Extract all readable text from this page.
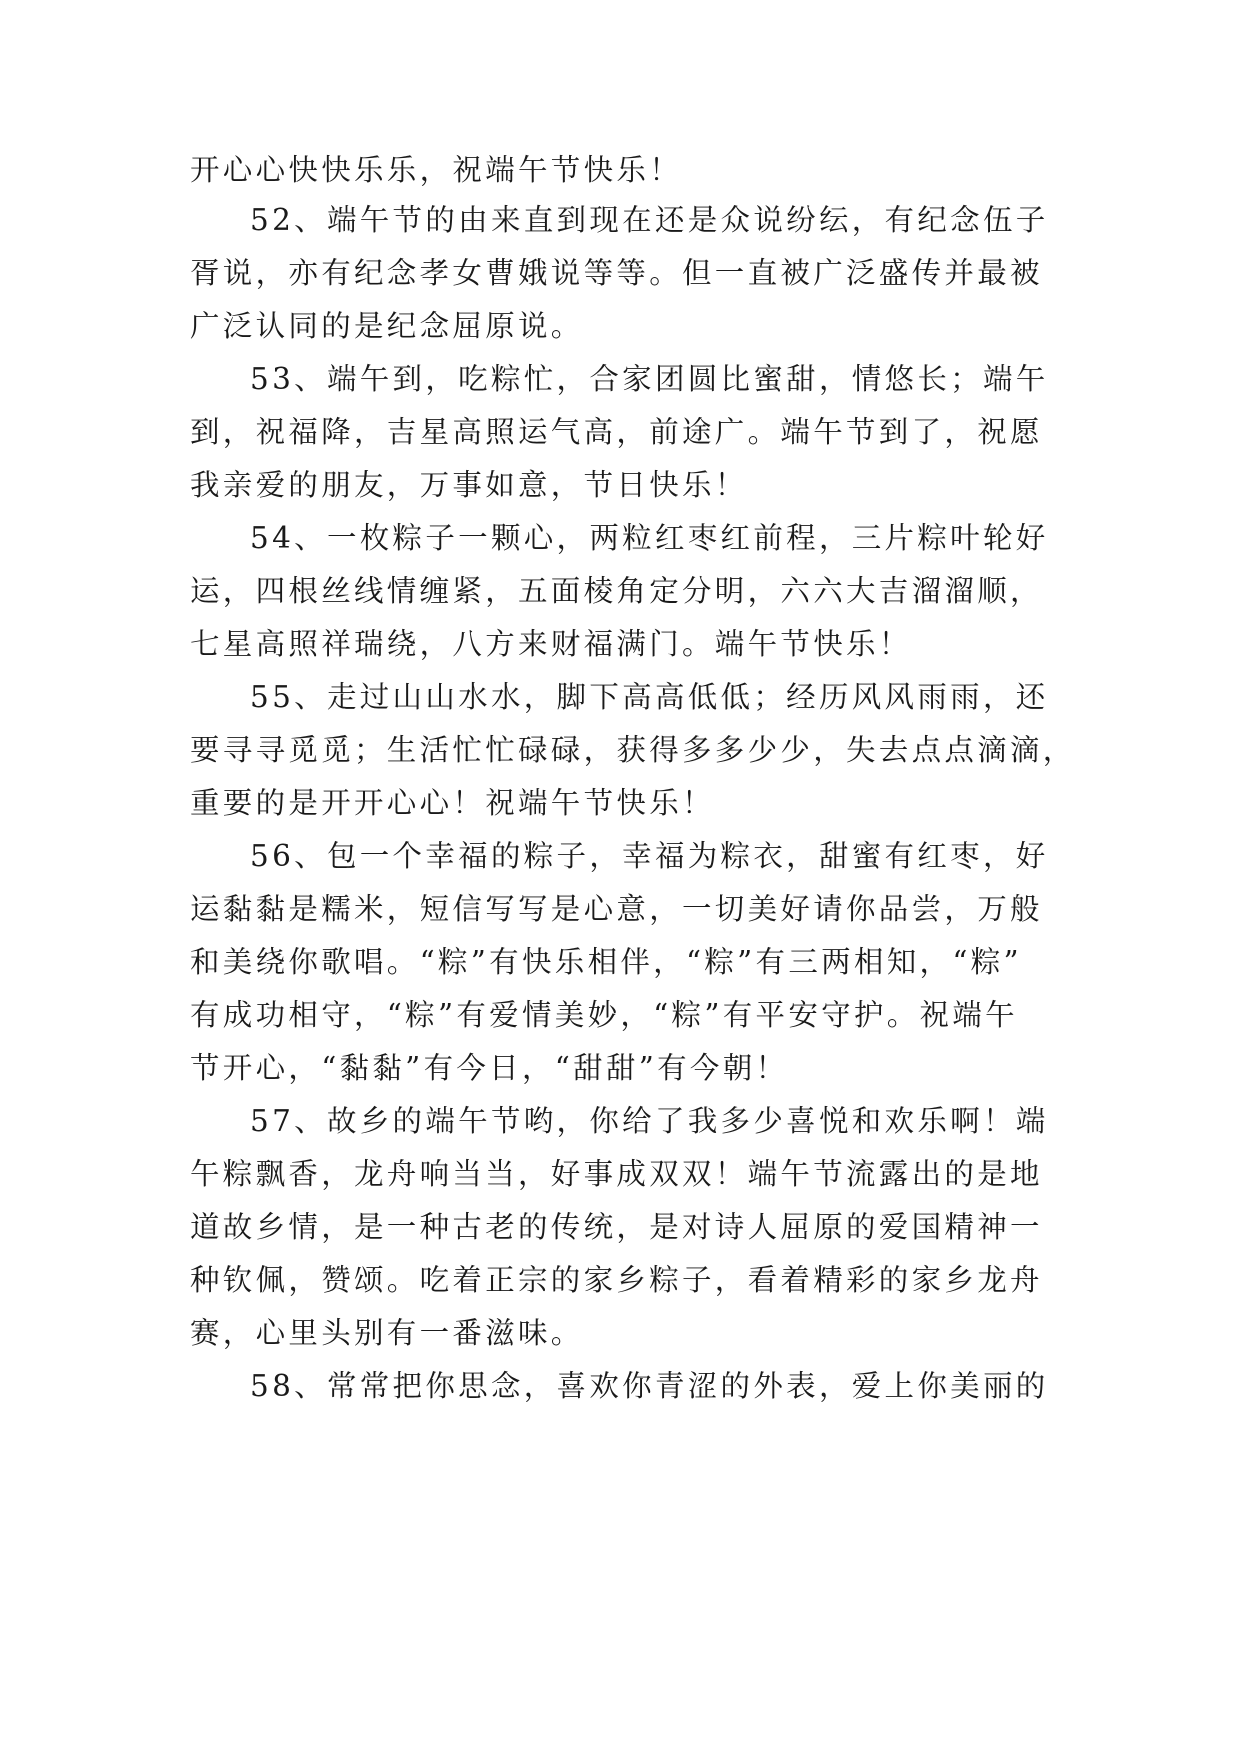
开心心快快乐乐，祝端午节快乐！
52、端午节的由来直到现在还是众说纷纭，有纪念伍子
胥说，亦有纪念孝女曹娥说等等。但一直被广泛盛传并最被
广泛认同的是纪念屈原说。
53、端午到，吃粽忙，合家团圆比蜜甜，情悠长；端午
到，祝福降，吉星高照运气高，前途广。端午节到了，祝愿
我亲爱的朋友，万事如意，节日快乐！
54、一枚粽子一颗心，两粒红枣红前程，三片粽叶轮好
运，四根丝线情缠紧，五面棱角定分明，六六大吉溜溜顺，
七星高照祥瑞绕，八方来财福满门。端午节快乐！
55、走过山山水水，脚下高高低低；经历风风雨雨，还
要寻寻觅觅；生活忙忙碌碌，获得多多少少，失去点点滴滴，
重要的是开开心心！祝端午节快乐！
56、包一个幸福的粽子，幸福为粽衣，甜蜜有红枣，好
运黏黏是糯米，短信写写是心意，一切美好请你品尝，万般
和美绕你歌唱。“粽”有快乐相伴，“粽”有三两相知，“粽”
有成功相守，“粽”有爱情美妙，“粽”有平安守护。祝端午
节开心，“黏黏”有今日，“甜甜”有今朝！
57、故乡的端午节哟，你给了我多少喜悦和欢乐啊！端
午粽飘香，龙舟响当当，好事成双双！端午节流露出的是地
道故乡情，是一种古老的传统，是对诗人屈原的爱国精神一
种钦佩，赞颂。吃着正宗的家乡粽子，看着精彩的家乡龙舟
赛，心里头别有一番滋味。
58、常常把你思念，喜欢你青涩的外表，爱上你美丽的
